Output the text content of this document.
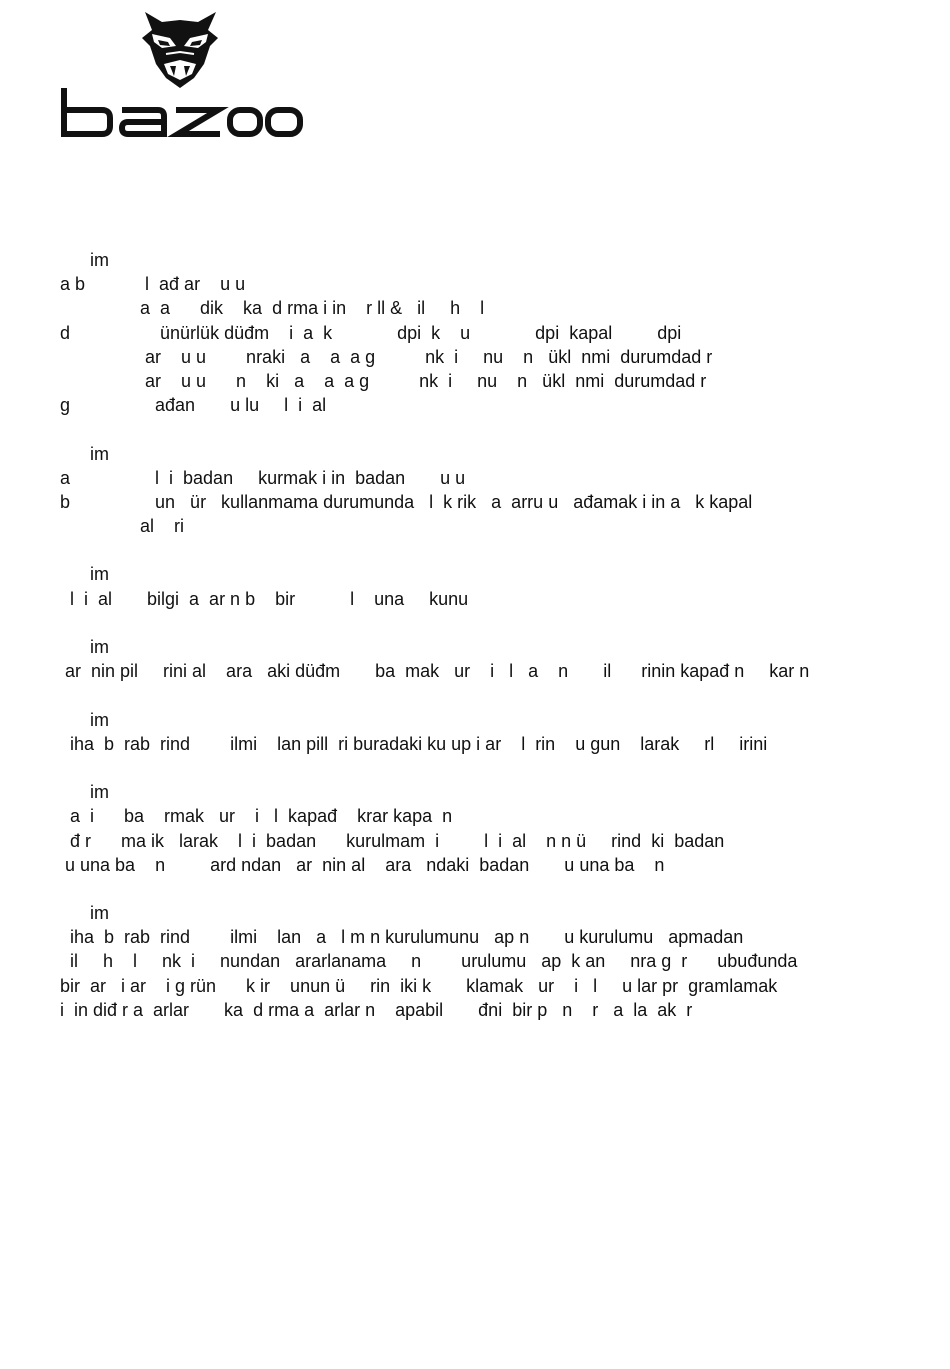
im
a b            l  ađ ar    u u
a  a      dik    ka  d rma i in    r ll &   il     h    l
d                  ünürlük düđm    i  a  k             dpi  k    u             dpi  kapal         dpi
ar    u u        nraki   a    a  a g          nk  i     nu    n   ükl  nmi  durumdad r
ar    u u      n    ki   a    a  a g          nk  i     nu    n   ükl  nmi  durumdad r
g                 ađan       u lu     l  i  al
im
a                 l  i  badan     kurmak i in  badan       u u
b                 un   ür   kullanmama durumunda   l  k rik   a  arru u   ađamak i in a   k kapal
al    ri
im
l  i  al       bilgi  a  ar n b    bir           l    una     kunu
im
ar  nin pil     rini al    ara   aki düđm       ba  mak   ur    i   l   a    n       il      rinin kapađ n     kar n
im
iha  b  rab  rind        ilmi    lan pill  ri buradaki ku up i ar    l  rin    u gun    larak     rl     irini
im
a  i      ba    rmak   ur    i   l  kapađ    krar kapa  n
đ r      ma ik   larak    l  i  badan      kurulmam  i         l  i  al    n n ü     rind  ki  badan
u una ba    n         ard ndan   ar  nin al    ara   ndaki  badan       u una ba    n
im
iha  b  rab  rind        ilmi    lan   a   l m n kurulumunu   ap n       u kurulumu   apmadan
il     h    l     nk  i     nundan   ararlanama     n        urulumu   ap  k an     nra g  r      ubuđunda
bir  ar   i ar    i g rün      k ir    unun ü     rin  iki k       klamak   ur    i   l     u lar pr  gramlamak
i  in diđ r a  arlar       ka  d rma a  arlar n    apabil       đni  bir p   n    r   a  la  ak  r
